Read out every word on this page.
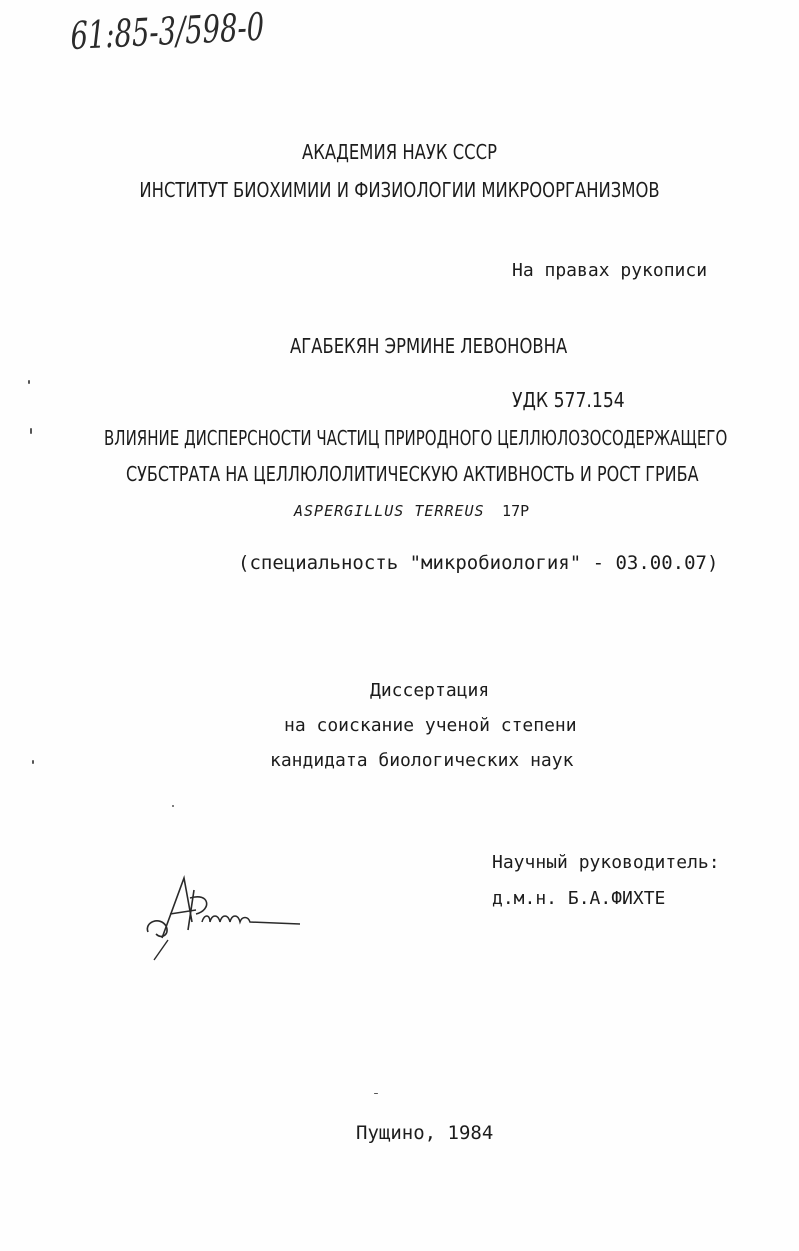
61:85-3/598-0
АКАДЕМИЯ НАУК СССР
ИНСТИТУТ БИОХИМИИ И ФИЗИОЛОГИИ МИКРООРГАНИЗМОВ
На правах рукописи
АГАБЕКЯН ЭРМИНЕ ЛЕВОНОВНА
УДК 577.154
ВЛИЯНИЕ ДИСПЕРСНОСТИ ЧАСТИЦ ПРИРОДНОГО ЦЕЛЛЮЛОЗОСОДЕРЖАЩЕГО
СУБСТРАТА НА ЦЕЛЛЮЛОЛИТИЧЕСКУЮ АКТИВНОСТЬ И РОСТ ГРИБА
ASPERGILLUS TERREUS 17Р
(специальность "микробиология" - 03.00.07)
Диссертация
на соискание ученой степени
кандидата биологических наук
Научный руководитель:
д.м.н. Б.А.ФИХТЕ
Пущино, 1984
